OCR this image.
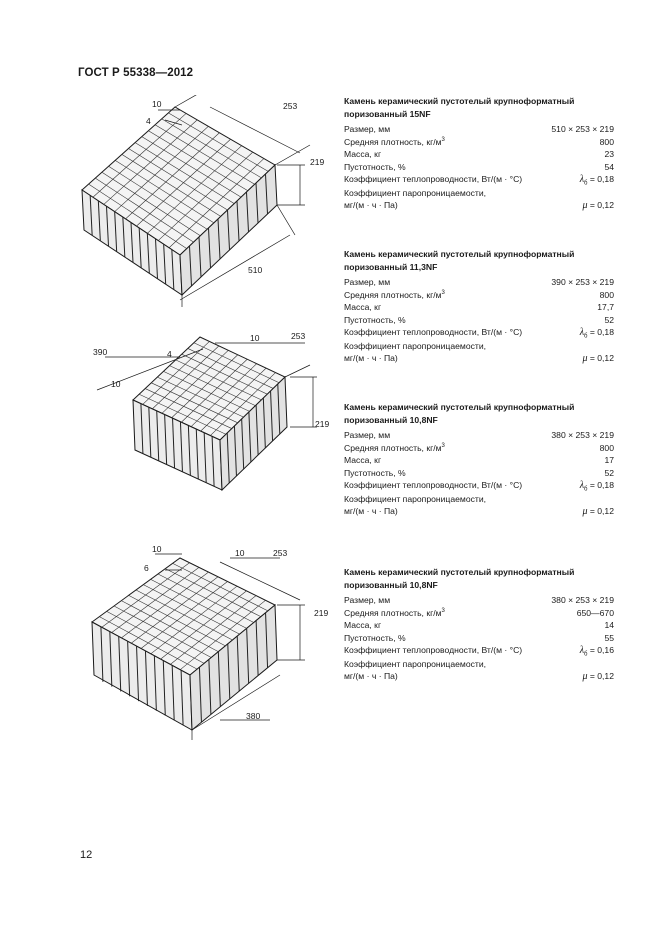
ГОСТ Р 55338—2012
10
4
253
219
510
390	4
10
10	253
219
10	10
6
253
219
380
Камень керамический пустотелый крупноформатный поризованный 15NF
Размер, мм	510 × 253 × 219
Средняя плотность, $кг/м^3$	800
Масса, кг	23
Пустотность, %	54
Коэффициент теплопроводности, Вт/(м · °С)	$\lambda_б = 0,18$
Коэффициент паропроницаемости,
мг/(м · ч · Па)	μ = 0,12
Камень керамический пустотелый крупноформатный поризованный 11,3NF
Размер, мм	390 × 253 × 219
Средняя плотность, $кг/м^3$	800
Масса, кг	17,7
Пустотность, %	52
Коэффициент теплопроводности, Вт/(м · °С)	$\lambda_б = 0,18$
Коэффициент паропроницаемости,
мг/(м · ч · Па)	μ = 0,12
Камень керамический пустотелый крупноформатный поризованный 10,8NF
Размер, мм	380 × 253 × 219
Средняя плотность, $кг/м^3$	800
Масса, кг	17
Пустотность, %	52
Коэффициент теплопроводности, Вт/(м · °С)	$\lambda_б = 0,18$
Коэффициент паропроницаемости,
мг/(м · ч · Па)	μ = 0,12
Камень керамический пустотелый крупноформатный поризованный 10,8NF
Размер, мм	380 × 253 × 219
Средняя плотность, $кг/м^3$	650—670
Масса, кг	14
Пустотность, %	55
Коэффициент теплопроводности, Вт/(м · °С)	$\lambda_б = 0,16$
Коэффициент паропроницаемости,
мг/(м · ч · Па)	μ = 0,12
12
